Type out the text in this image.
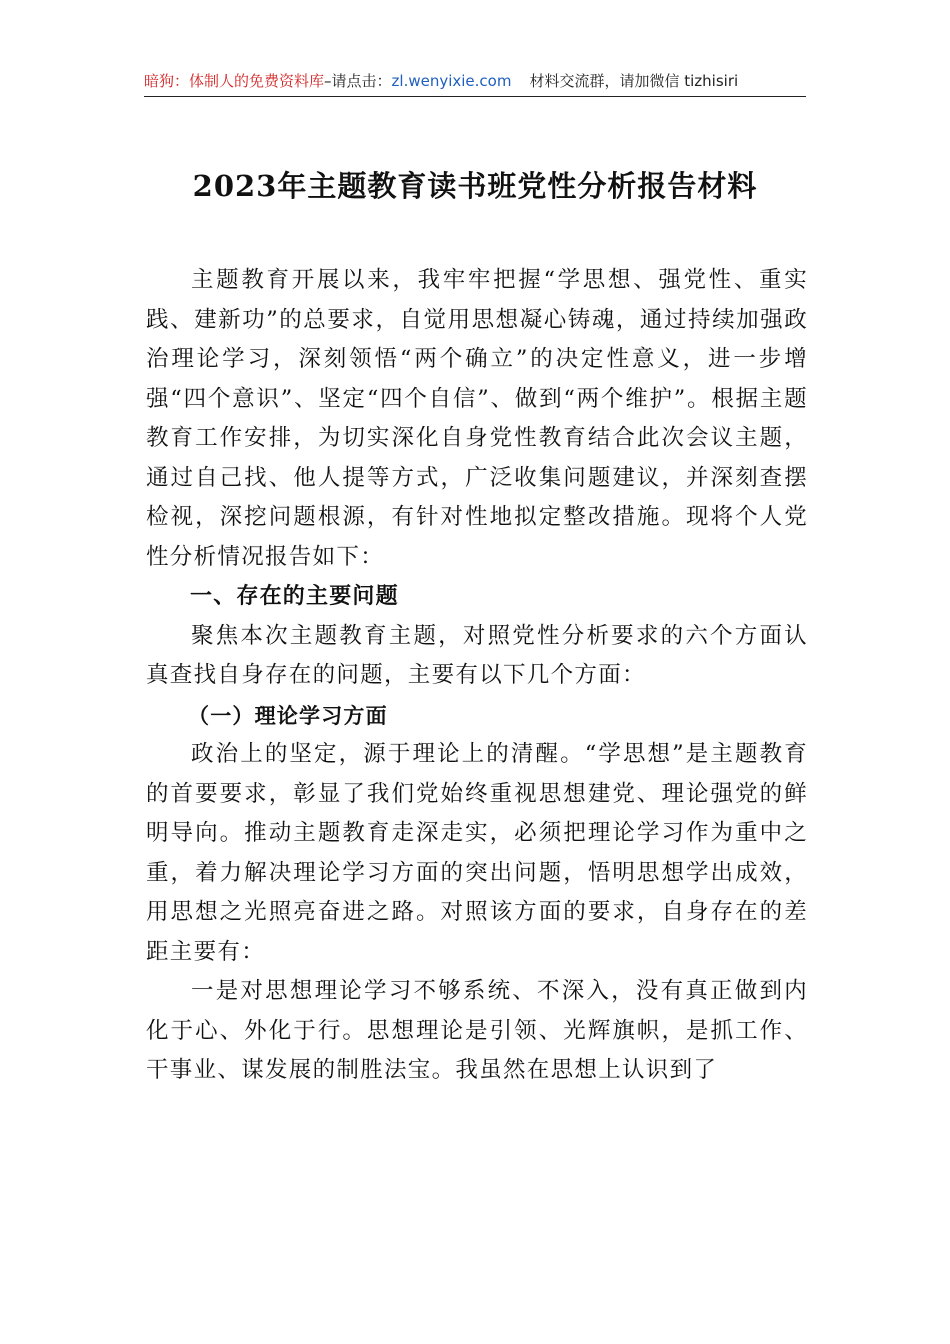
暗狗：体制人的免费资料库–请点击：zl.wenyixie.com 材料交流群，请加微信 tizhisiri
2023年主题教育读书班党性分析报告材料

主题教育开展以来，我牢牢把握“学思想、强党性、重实践、建新功”的总要求，自觉用思想凝心铸魂，通过持续加强政治理论学习，深刻领悟“两个确立”的决定性意义，进一步增强“四个意识”、坚定“四个自信”、做到“两个维护”。根据主题教育工作安排，为切实深化自身党性教育结合此次会议主题，通过自己找、他人提等方式，广泛收集问题建议，并深刻查摆检视，深挖问题根源，有针对性地拟定整改措施。现将个人党性分析情况报告如下：

一、存在的主要问题

聚焦本次主题教育主题，对照党性分析要求的六个方面认真查找自身存在的问题，主要有以下几个方面：

（一）理论学习方面

政治上的坚定，源于理论上的清醒。“学思想”是主题教育的首要要求，彰显了我们党始终重视思想建党、理论强党的鲜明导向。推动主题教育走深走实，必须把理论学习作为重中之重，着力解决理论学习方面的突出问题，悟明思想学出成效，用思想之光照亮奋进之路。对照该方面的要求，自身存在的差距主要有：

一是对思想理论学习不够系统、不深入，没有真正做到内化于心、外化于行。思想理论是引领、光辉旗帜，是抓工作、干事业、谋发展的制胜法宝。我虽然在思想上认识到了
